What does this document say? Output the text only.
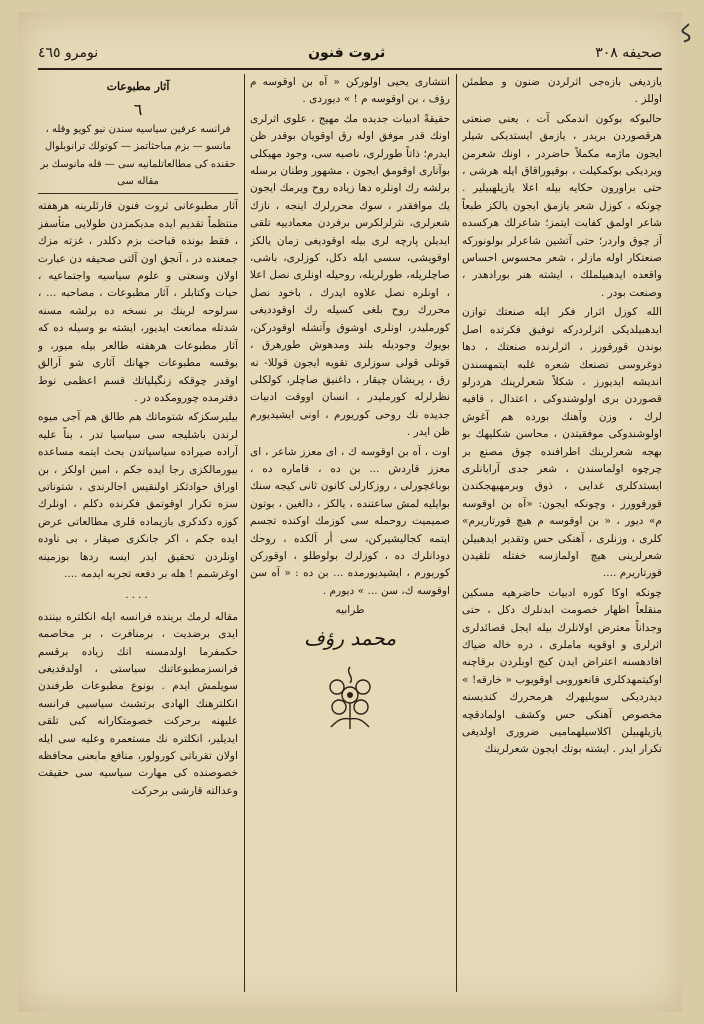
ﮐ
صحيفه ٣٠٨
ثروت فنون
نومرو ٤٦٥

يازديغى بازەجى اثرلردن ضنون و مطمئن اوللز .

حالبوكه بوكون اندمكى آت ، يعنى صنعتى هرقصوردن بريدر ، يازمق ايستديكى شيلر ايجون ماژمه مكملاً حاضردر ، اونك شعرمن ويرديكى بوكمكيلت ، بوقيوراقاق ايله هرشى ، حتى براورون حكايه بيله اعلا يازيلهبيلير . چونكه ، كوزل شعر يازمق ايجون يالكز طبعاً شاعر اولمق كفايت ايتمز؛ شاعرلك هركسده آز چوق واردر؛ حتى آتشين شاعرلر بولونوركه صنعتكار اوله مازلر ، شعر محسوس احساس واقعده ايدهبيلملك ، ايشته هنر بورادهدر ، وصنعت بودر .

الله كوزل اثرار فكر ايله صنعتك توازن ايدهبيلديكى اثرلردركه توفيق فكرتده اصل بوندن قورقورز ، اثرلرنده صنعتك ، دها دوغروسى تصنعك شعره غلبه ايتمهسندن انديشه ايديورز ، شكلاً شعرلرينك هردرلو قصوردن برى اولوشندوكى ، اعتدال ، قافيه لرك ، وزن وآهنك بورده هم آغوش اولوشندوكى موفقيتدن ، محاسن شكليهك بو بهجه شعرلرينك اطرافنده چوق مصنع بر چرچوه اولماسندن ، شعر جدى آرايانلرى ايستدكلرى غدايى ، ذوق وبرمهيهجكندن قورقوورز ، وچونكه ايجون: «آه بن اوقوسه م» ديور ، « بن اوقوسه م هيچ قورتاريرم» كلرى ، وزنلرى ، آهنكى حس وتقدير ايدهبيلن شعرلرينى هيچ اولمازسه خفتله تلقيدن قورتاريرم ....

چونكه اوكا كوره ادبيات حاضرهيه مسكين منقلعاً اظهار خصومت ابدنلرك دكل ، حتى وجداناً معترض اولانلرك بيله ايجل قصائدلرى اثرلرى و اوقويه ماملرى ، دره خاله ضياك افادهسنه اعتراض ايدن كيج اوبلردن برقاچنه اوكيتمهدكلرى قانعوروبى اوقويوب « خارقه! » ديدرديكى سويليهرك هرمحررك كنديسنه مخصوص آهنكى حس وكشف اولمادقچه يازيلهبيلن اكلاسيلهماميى ضرورى اولديغى تكرار ايدر . ايشته بوتك ايجون شعرلرينك

انتشارى يحيى اولوركن « آه بن اوقوسه م رؤف ، بن اوقوسه م ! » ديوردى .

حقيقةً ادبيات جديده مك مهيج ، علوى اثرلرى اونك قدر موفق اوله رق اوقويان بوقدر ظن ايدرم؛ ذاتاً طورلرى، ناصيه سى، وجود مهيكلى بوآنارى اوقومق ايجون ، مشهور وطنان برسله برلشه رك اونلره دها زياده روح ويرمك ايجون يك موافقدر ، سوك محررلرك اينجه ، نازك شعرلرى، نثرلرلكرس برفردن معمادييه تلقى ايديلن پارچه لرى بيله اوقوديغى زمان يالكز اوقويشى، سسى ايله دكل، كوزلرى، باشى، صاچلريله، طورلريله، روحيله اونلرى نصل اعلا ، اونلره نصل علاوه ايدرك ، باخود نصل محررك روح بلغى كسيله رك اوقودديغى كورمليدر، اونلرى اوشوق وآتشله اوقودركن، بويوك وجوديله بلند ومدهوش طورهرق ، قوتلى قولى سوزلرى تقويه ايجون قوللا- نه رق ، پريشان چيقار ، داغنيق صاچلر، كولكلى نظرلرله كورمليدر ، انسان اووقت ادبيات جديده نك روحى كوريورم ، اونى ايشيديورم ظن ايدر .

اوت ، آه بن اوقوسه ك ، اى معزز شاعر ، اى معزز قاردش ... بن ده ، قاماره ده ، بوباغچورلى ، روزكارلى كانون ثانى كيجه سنك بوايليه لمش ساعتنده ، يالكز ، دالغين ، بوتون صميميت روحمله سى كوزمك اوكنده تجسم ايتمه كجاليشيركن، سى أر آلكده ، روحك دودانلرك ده ، كوزلرك بولوطلو ، اوقوركن كوريورم ، ايشيديورمده ... بن ده : « آه سن اوقوسه ك، سن ... » ديورم .

طرابيه

محمد رؤف
آثار مطبوعات
٦
فرانسه عرفين سياسيه سندن نيو كويو وقله ، مانسو — بزم مباحثاتمز — كوتولك ترانوبلوال حقنده كى مطالعاتلمانيه سى — قله مانوسك بر مقاله سى

آثار مطبوعانى ثروت فنون قارئلرينه هرهفته منتظماً تقديم ايده مديكمزدن طولايى متأسفز ، فقط بونده قباحت بزم دكلدر ، غزته مزك جمعنده در ، آنجق اون آلتى صحيفه دن عبارت اولان وسعتى و علوم سياسيه واجتماعيه ، حيات وكتابلر ، آثار مطبوعات ، مصاحبه ... ، سرلوحه لرينك بر نسخه ده برلشه مسنه شدتله ممانعت ايديور، ايشته بو وسيله ده كه آثار مطبوعات هرهفته طالعر بيله ميور، و بوقسه مطبوعات جهانك آثارى شو آرالق اوقدر چوقكه زنگيلياتك قسم اعظمى نوط دفترمده چورومكده در .

بيليرسكزكه شتوماتك هم طالق هم آجى ميوه لرندن باشليجه سى سياسيا تدر ، بناً عليه آراده صيراده سياسياتدن بحث ايتمه مساعده بيورمالكزى رجا ايده جكم ، امين اولكز ، بن اوراق حوادثكز اولنقيس اجالرندى ، شتوناتى سزه تكرار اوقوتمق فكرنده دكلم ، اونلرك كوزه دكدكرى بازيماده قلرى مطالعاتى عرض ايده جكم ، اكر جانكزى صيقار ، بى ناوده اونلردن تحقيق ايدر ايسه ردها بوزمينه اوغرشمم ! هله بر دفعه تجربه ايدمه ....

....

مقاله لرمك برينده فرانسه ايله انكلتره بيننده ايدى برضديت ، برمنافرت ، بر مخاصمه حكمفرما اولدمسنه انك زياده برقسم فرانسزمطبوعاتنك سياستى ، اولدقديغى سويلمش ايدم . بونوع مطبوعات طرفندن انكلترهنك الهادى برتشبث سياسيى فرانسه عليهنه برحركت خصومتكارانه كبى تلقى ايديلير، انكلتره نك مستعمره وعليه سى ايله اولان تقرباتى كورولور، منافع مابعنى محافظه خصوصنده كى مهارت سياسيه سى حقيقت وعدالته قارشى برحركت
